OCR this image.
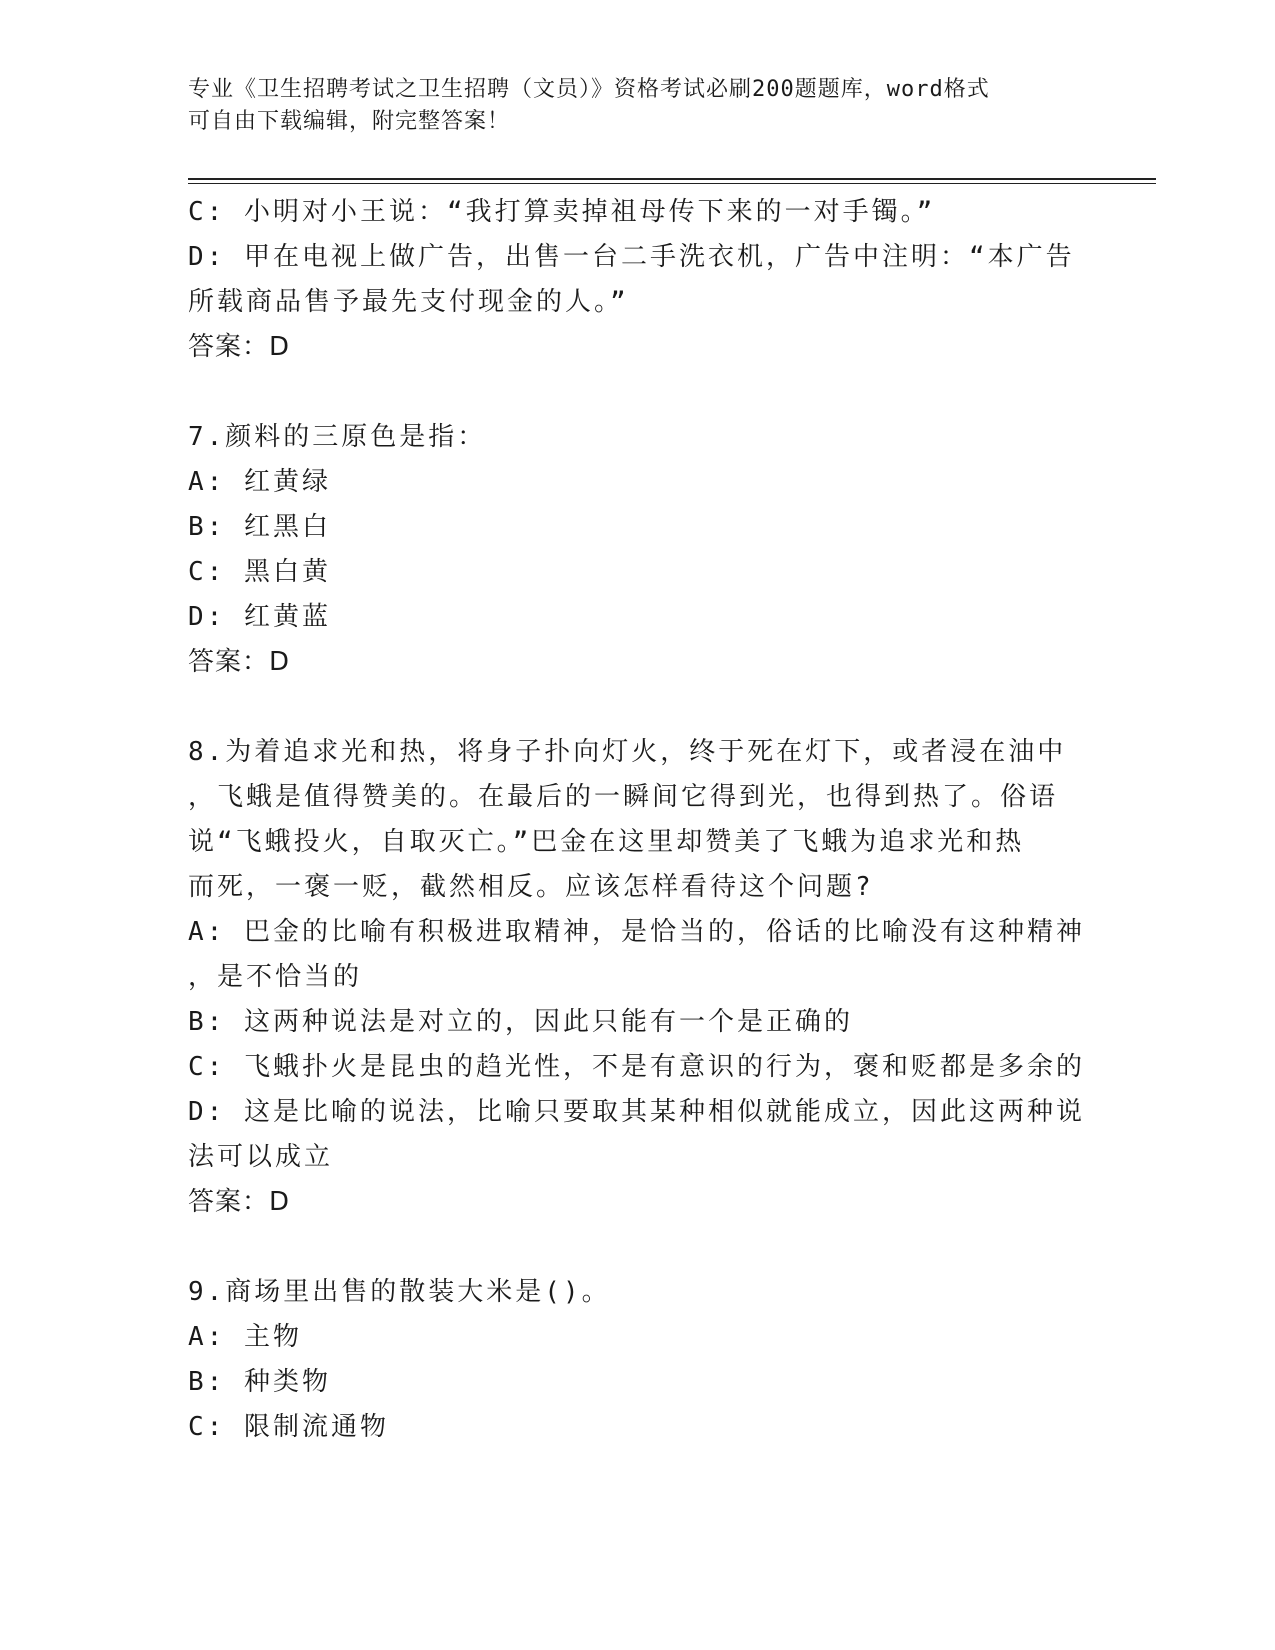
专业《卫生招聘考试之卫生招聘（文员）》资格考试必刷200题题库，word格式
可自由下载编辑，附完整答案！
C: 小明对小王说：“我打算卖掉祖母传下来的一对手镯。”
D: 甲在电视上做广告，出售一台二手洗衣机，广告中注明：“本广告
所载商品售予最先支付现金的人。”
答案：D
7.颜料的三原色是指：
A: 红黄绿
B: 红黑白
C: 黑白黄
D: 红黄蓝
答案：D
8.为着追求光和热，将身子扑向灯火，终于死在灯下，或者浸在油中
，飞蛾是值得赞美的。在最后的一瞬间它得到光，也得到热了。俗语
说“飞蛾投火，自取灭亡。”巴金在这里却赞美了飞蛾为追求光和热
而死，一褒一贬，截然相反。应该怎样看待这个问题?
A: 巴金的比喻有积极进取精神，是恰当的，俗话的比喻没有这种精神
，是不恰当的
B: 这两种说法是对立的，因此只能有一个是正确的
C: 飞蛾扑火是昆虫的趋光性，不是有意识的行为，褒和贬都是多余的
D: 这是比喻的说法，比喻只要取其某种相似就能成立，因此这两种说
法可以成立
答案：D
9.商场里出售的散装大米是()。
A: 主物
B: 种类物
C: 限制流通物
